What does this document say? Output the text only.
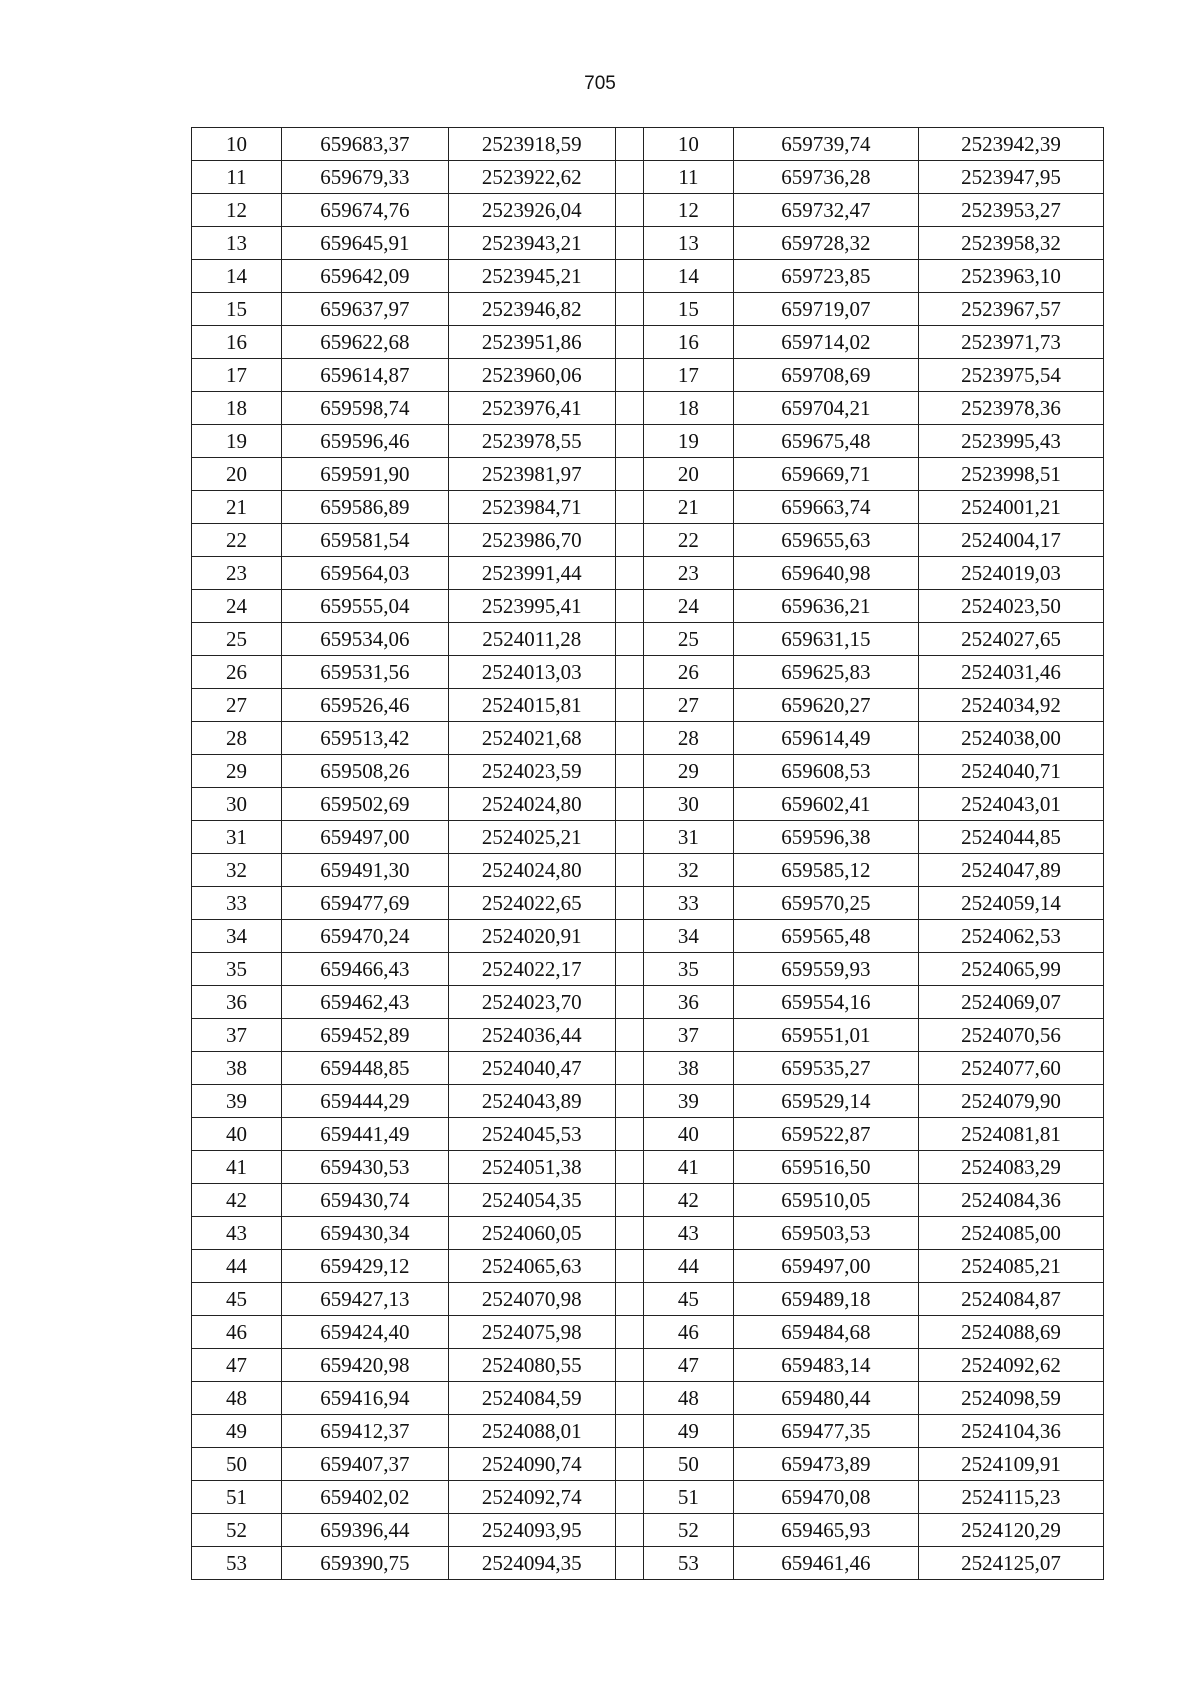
705
10	659683,37	2523918,59		10	659739,74	2523942,39
11	659679,33	2523922,62		11	659736,28	2523947,95
12	659674,76	2523926,04		12	659732,47	2523953,27
13	659645,91	2523943,21		13	659728,32	2523958,32
14	659642,09	2523945,21		14	659723,85	2523963,10
15	659637,97	2523946,82		15	659719,07	2523967,57
16	659622,68	2523951,86		16	659714,02	2523971,73
17	659614,87	2523960,06		17	659708,69	2523975,54
18	659598,74	2523976,41		18	659704,21	2523978,36
19	659596,46	2523978,55		19	659675,48	2523995,43
20	659591,90	2523981,97		20	659669,71	2523998,51
21	659586,89	2523984,71		21	659663,74	2524001,21
22	659581,54	2523986,70		22	659655,63	2524004,17
23	659564,03	2523991,44		23	659640,98	2524019,03
24	659555,04	2523995,41		24	659636,21	2524023,50
25	659534,06	2524011,28		25	659631,15	2524027,65
26	659531,56	2524013,03		26	659625,83	2524031,46
27	659526,46	2524015,81		27	659620,27	2524034,92
28	659513,42	2524021,68		28	659614,49	2524038,00
29	659508,26	2524023,59		29	659608,53	2524040,71
30	659502,69	2524024,80		30	659602,41	2524043,01
31	659497,00	2524025,21		31	659596,38	2524044,85
32	659491,30	2524024,80		32	659585,12	2524047,89
33	659477,69	2524022,65		33	659570,25	2524059,14
34	659470,24	2524020,91		34	659565,48	2524062,53
35	659466,43	2524022,17		35	659559,93	2524065,99
36	659462,43	2524023,70		36	659554,16	2524069,07
37	659452,89	2524036,44		37	659551,01	2524070,56
38	659448,85	2524040,47		38	659535,27	2524077,60
39	659444,29	2524043,89		39	659529,14	2524079,90
40	659441,49	2524045,53		40	659522,87	2524081,81
41	659430,53	2524051,38		41	659516,50	2524083,29
42	659430,74	2524054,35		42	659510,05	2524084,36
43	659430,34	2524060,05		43	659503,53	2524085,00
44	659429,12	2524065,63		44	659497,00	2524085,21
45	659427,13	2524070,98		45	659489,18	2524084,87
46	659424,40	2524075,98		46	659484,68	2524088,69
47	659420,98	2524080,55		47	659483,14	2524092,62
48	659416,94	2524084,59		48	659480,44	2524098,59
49	659412,37	2524088,01		49	659477,35	2524104,36
50	659407,37	2524090,74		50	659473,89	2524109,91
51	659402,02	2524092,74		51	659470,08	2524115,23
52	659396,44	2524093,95		52	659465,93	2524120,29
53	659390,75	2524094,35		53	659461,46	2524125,07
